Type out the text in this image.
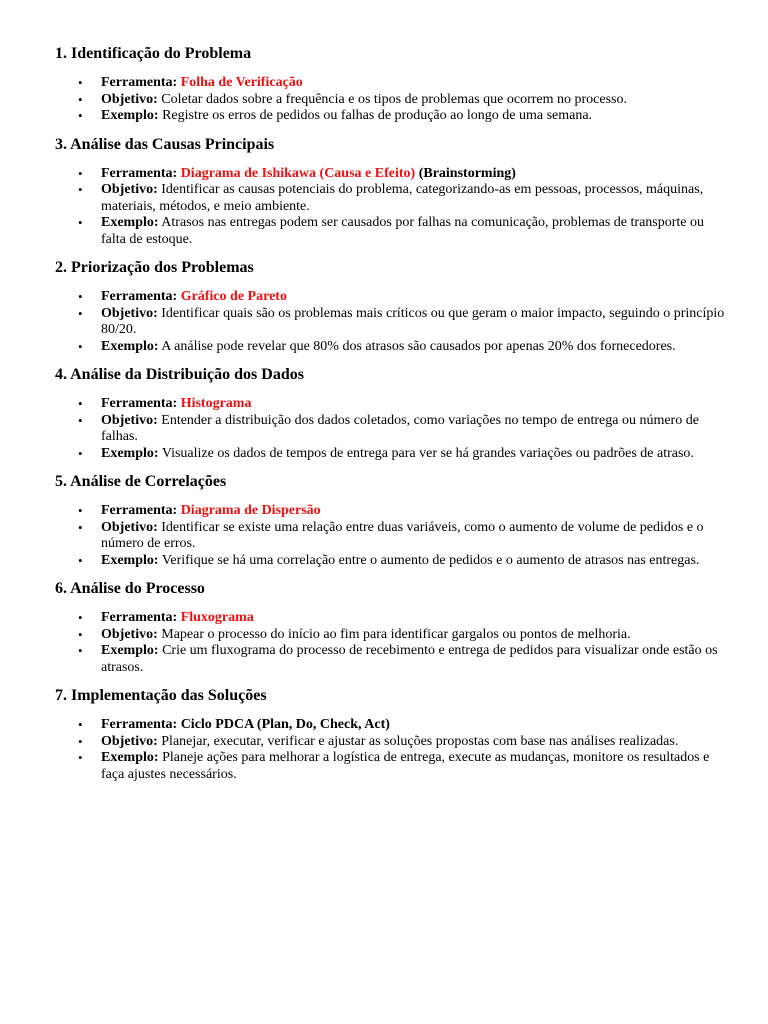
1. Identificação do Problema
• Ferramenta: Folha de Verificação
• Objetivo: Coletar dados sobre a frequência e os tipos de problemas que ocorrem no processo.
• Exemplo: Registre os erros de pedidos ou falhas de produção ao longo de uma semana.
3. Análise das Causas Principais
• Ferramenta: Diagrama de Ishikawa (Causa e Efeito) (Brainstorming)
• Objetivo: Identificar as causas potenciais do problema, categorizando-as em pessoas, processos, máquinas, materiais, métodos, e meio ambiente.
• Exemplo: Atrasos nas entregas podem ser causados por falhas na comunicação, problemas de transporte ou falta de estoque.
2. Priorização dos Problemas
• Ferramenta: Gráfico de Pareto
• Objetivo: Identificar quais são os problemas mais críticos ou que geram o maior impacto, seguindo o princípio 80/20.
• Exemplo: A análise pode revelar que 80% dos atrasos são causados por apenas 20% dos fornecedores.
4. Análise da Distribuição dos Dados
• Ferramenta: Histograma
• Objetivo: Entender a distribuição dos dados coletados, como variações no tempo de entrega ou número de falhas.
• Exemplo: Visualize os dados de tempos de entrega para ver se há grandes variações ou padrões de atraso.
5. Análise de Correlações
• Ferramenta: Diagrama de Dispersão
• Objetivo: Identificar se existe uma relação entre duas variáveis, como o aumento de volume de pedidos e o número de erros.
• Exemplo: Verifique se há uma correlação entre o aumento de pedidos e o aumento de atrasos nas entregas.
6. Análise do Processo
• Ferramenta: Fluxograma
• Objetivo: Mapear o processo do início ao fim para identificar gargalos ou pontos de melhoria.
• Exemplo: Crie um fluxograma do processo de recebimento e entrega de pedidos para visualizar onde estão os atrasos.
7. Implementação das Soluções
• Ferramenta: Ciclo PDCA (Plan, Do, Check, Act)
• Objetivo: Planejar, executar, verificar e ajustar as soluções propostas com base nas análises realizadas.
• Exemplo: Planeje ações para melhorar a logística de entrega, execute as mudanças, monitore os resultados e faça ajustes necessários.
